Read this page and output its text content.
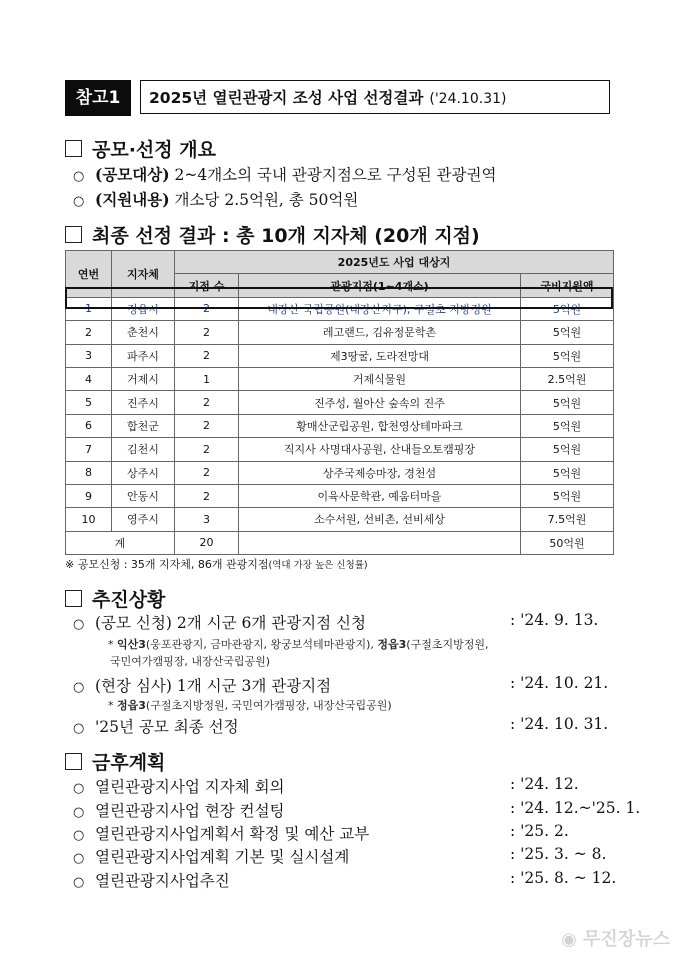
참고1	2025년 열린관광지 조성 사업 선정결과 ('24.10.31)
공모·선정 개요
○ (공모대상) 2~4개소의 국내 관광지점으로 구성된 관광권역
○ (지원내용) 개소당 2.5억원, 총 50억원
최종 선정 결과 : 총 10개 지자체 (20개 지점)
연번	지자체	2025년도 사업 대상지		
		지점 수	관광지점(1~4개소)	국비지원액
1	정읍시	2	내장산 국립공원(내장산지구), 구절초 지방정원	5억원
2	춘천시	2	레고랜드, 김유정문학촌	5억원
3	파주시	2	제3땅굴, 도라전망대	5억원
4	거제시	1	거제식물원	2.5억원
5	진주시	2	진주성, 월아산 숲속의 진주	5억원
6	합천군	2	황매산군립공원, 합천영상테마파크	5억원
7	김천시	2	직지사 사명대사공원, 산내들오토캠핑장	5억원
8	상주시	2	상주국제승마장, 경천섬	5억원
9	안동시	2	이육사문학관, 예움터마을	5억원
10	영주시	3	소수서원, 선비촌, 선비세상	7.5억원
계		20		50억원
※ 공모신청 : 35개 지자체, 86개 관광지점(역대 가장 높은 신청률)
추진상황
○ (공모 신청) 2개 시군 6개 관광지점 신청	: '24. 9. 13.
* 익산3(웅포관광지, 금마관광지, 왕궁보석테마관광지), 정읍3(구절초지방정원,
국민여가캠핑장, 내장산국립공원)
○ (현장 심사) 1개 시군 3개 관광지점	: '24. 10. 21.
* 정읍3(구절초지방정원, 국민여가캠핑장, 내장산국립공원)
○ '25년 공모 최종 선정	: '24. 10. 31.
금후계획
○ 열린관광지사업 지자체 회의	: '24. 12.
○ 열린관광지사업 현장 컨설팅	: '24. 12.~'25. 1.
○ 열린관광지사업계획서 확정 및 예산 교부	: '25. 2.
○ 열린관광지사업계획 기본 및 실시설계	: '25. 3. ~ 8.
○ 열린관광지사업추진	: '25. 8. ~ 12.
◉ 무진장뉴스
